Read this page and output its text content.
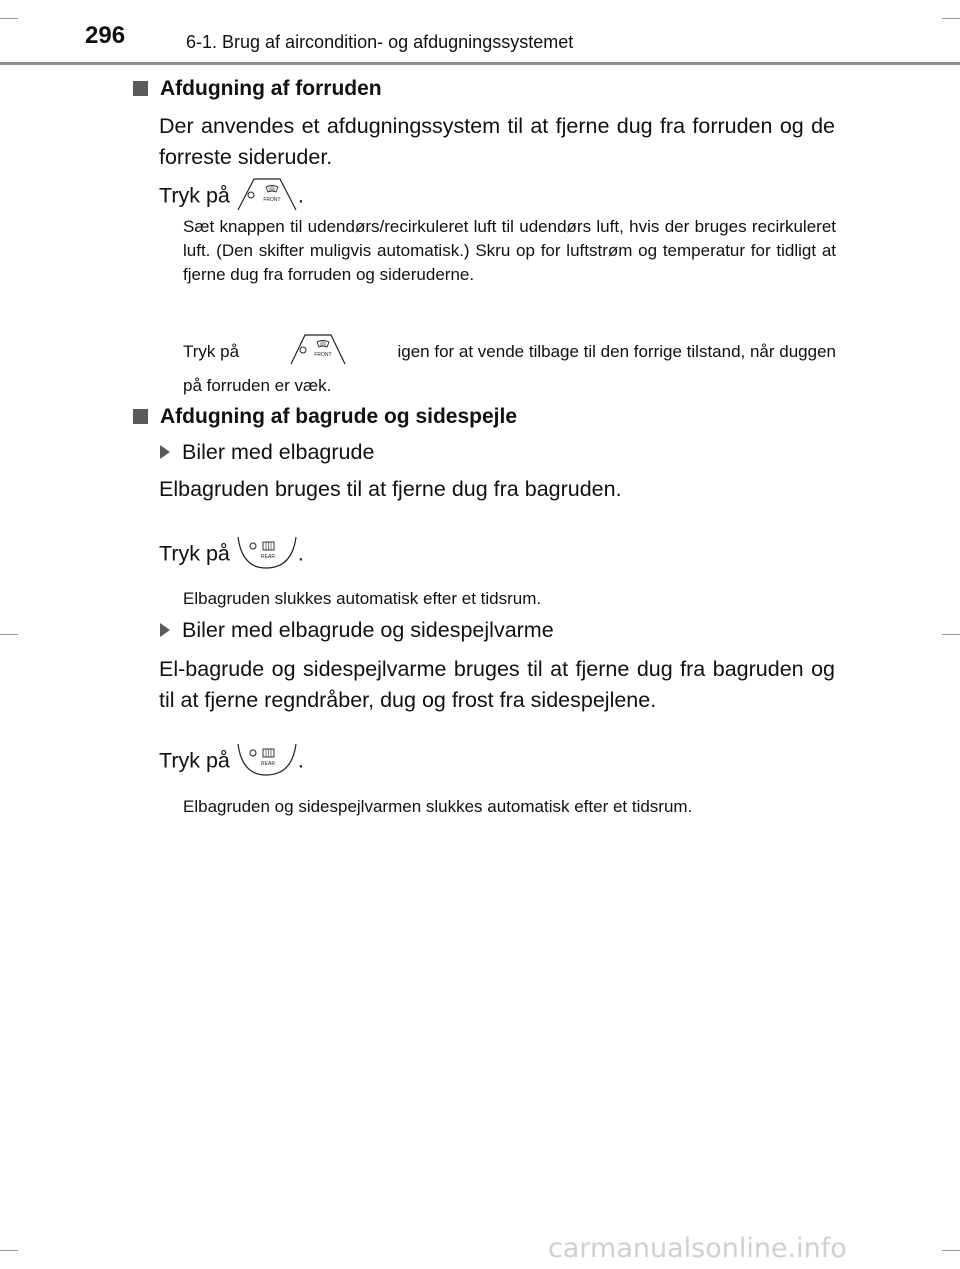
296	6-1. Brug af aircondition- og afdugningssystemet
Afdugning af forruden
Der anvendes et afdugningssystem til at fjerne dug fra forruden og de forreste sideruder.
Tryk på	FRONT .
Sæt knappen til udendørs/recirkuleret luft til udendørs luft, hvis der bruges recirkuleret luft. (Den skifter muligvis automatisk.) Skru op for luftstrøm og temperatur for tidligt at fjerne dug fra forruden og sideruderne.
Tryk på	FRONT	igen for at vende tilbage til den forrige tilstand, når duggen
på forruden er væk.
Afdugning af bagrude og sidespejle
Biler med elbagrude
Elbagruden bruges til at fjerne dug fra bagruden.
Tryk på	REAR .
Elbagruden slukkes automatisk efter et tidsrum.
Biler med elbagrude og sidespejlvarme
El-bagrude og sidespejlvarme bruges til at fjerne dug fra bagruden og til at fjerne regndråber, dug og frost fra sidespejlene.
Tryk på	REAR .
Elbagruden og sidespejlvarmen slukkes automatisk efter et tidsrum.
carmanualsonline.info
